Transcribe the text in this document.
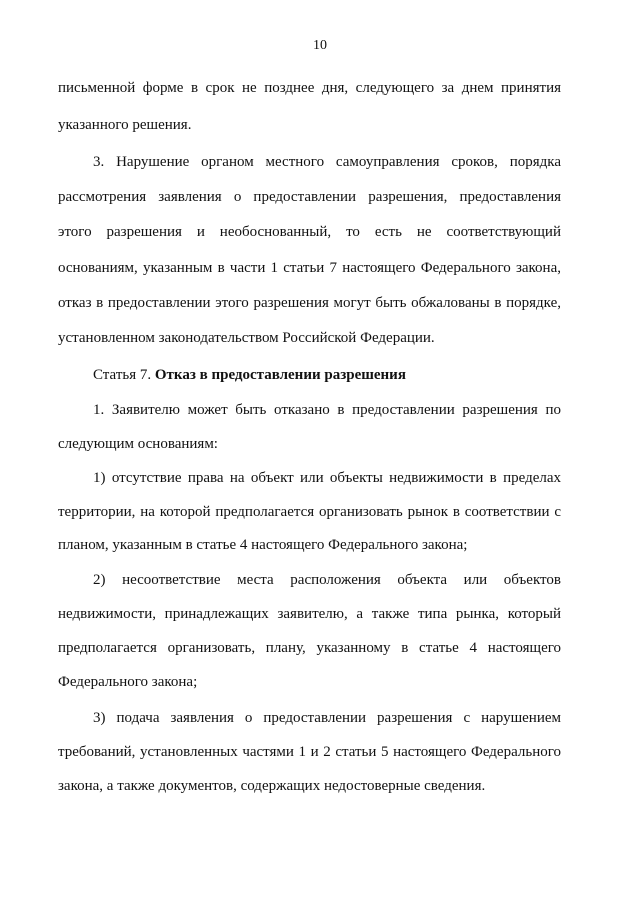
10
письменной форме в срок не позднее дня, следующего за днем принятия
указанного решения.
3. Нарушение органом местного самоуправления сроков, порядка
рассмотрения заявления о предоставлении разрешения, предоставления
этого разрешения и необоснованный, то есть не соответствующий
основаниям, указанным в части 1 статьи 7 настоящего Федерального закона,
отказ в предоставлении этого разрешения могут быть обжалованы в порядке,
установленном законодательством Российской Федерации.
Статья 7. Отказ в предоставлении разрешения
1. Заявителю может быть отказано в предоставлении разрешения по
следующим основаниям:
1) отсутствие права на объект или объекты недвижимости в пределах
территории, на которой предполагается организовать рынок в соответствии с
планом, указанным в статье 4 настоящего Федерального закона;
2) несоответствие места расположения объекта или объектов
недвижимости, принадлежащих заявителю, а также типа рынка, который
предполагается организовать, плану, указанному в статье 4 настоящего
Федерального закона;
3) подача заявления о предоставлении разрешения с нарушением
требований, установленных частями 1 и 2 статьи 5 настоящего Федерального
закона, а также документов, содержащих недостоверные сведения.
